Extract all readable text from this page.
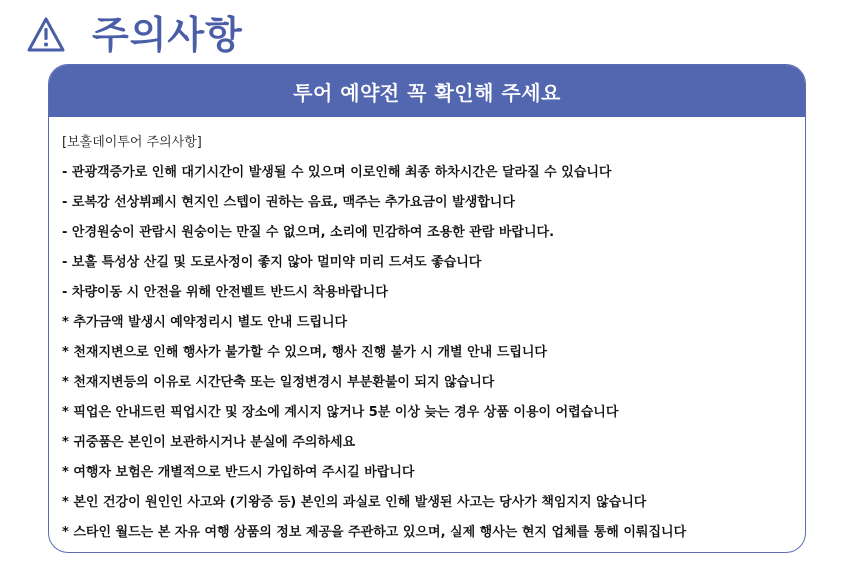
주의사항
투어 예약전 꼭 확인해 주세요
[보홀데이투어 주의사항]
- 관광객증가로 인해 대기시간이 발생될 수 있으며 이로인해 최종 하차시간은 달라질 수 있습니다
- 로복강 선상뷔페시 현지인 스텝이 권하는 음료, 맥주는 추가요금이 발생합니다
- 안경원숭이 관람시 원숭이는 만질 수 없으며, 소리에 민감하여 조용한 관람 바랍니다.
- 보홀 특성상 산길 및 도로사정이 좋지 않아 멀미약 미리 드셔도 좋습니다
- 차량이동 시 안전을 위해 안전벨트 반드시 착용바랍니다
* 추가금액 발생시 예약정리시 별도 안내 드립니다
* 천재지변으로 인해 행사가 불가할 수 있으며, 행사 진행 불가 시 개별 안내 드립니다
* 천재지변등의 이유로 시간단축 또는 일정변경시 부분환불이 되지 않습니다
* 픽업은 안내드린 픽업시간 및 장소에 계시지 않거나 5분 이상 늦는 경우 상품 이용이 어렵습니다
* 귀중품은 본인이 보관하시거나 분실에 주의하세요
* 여행자 보험은 개별적으로 반드시 가입하여 주시길 바랍니다
* 본인 건강이 원인인 사고와 (기왕증 등) 본인의 과실로 인해 발생된 사고는 당사가 책임지지 않습니다
* 스타인 월드는 본 자유 여행 상품의 정보 제공을 주관하고 있으며, 실제 행사는 현지 업체를 통해 이뤄집니다
